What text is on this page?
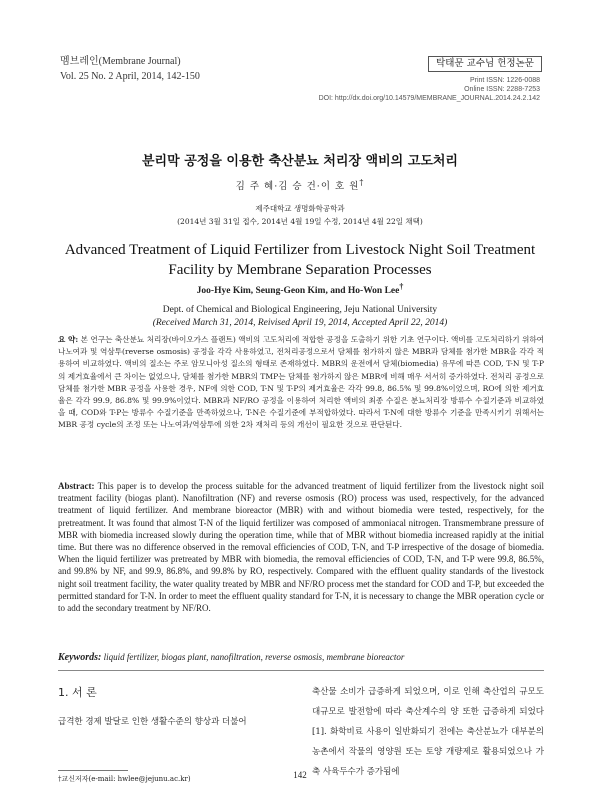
멤브레인(Membrane Journal)
Vol. 25 No. 2 April, 2014, 142-150
탁태문 교수님 헌정논문
Print ISSN: 1226-0088
Online ISSN: 2288-7253
DOI: http://dx.doi.org/10.14579/MEMBRANE_JOURNAL.2014.24.2.142
분리막 공정을 이용한 축산분뇨 처리장 액비의 고도처리
김 주 혜·김 승 건·이 호 원†
제주대학교 생명화학공학과
(2014년 3월 31일 접수, 2014년 4월 19일 수정, 2014년 4월 22일 채택)
Advanced Treatment of Liquid Fertilizer from Livestock Night Soil Treatment Facility by Membrane Separation Processes
Joo-Hye Kim, Seung-Geon Kim, and Ho-Won Lee†
Dept. of Chemical and Biological Engineering, Jeju National University
(Received March 31, 2014, Reivised April 19, 2014, Accepted April 22, 2014)
요 약: 본 연구는 축산분뇨 처리장(바이오가스 플랜트) 액비의 고도처리에 적합한 공정을 도출하기 위한 기초 연구이다. 액비를 고도처리하기 위하여 나노여과 및 역삼투(reverse osmosis) 공정을 각각 사용하였고, 전처리공정으로서 담체를 첨가하지 않은 MBR과 담체를 첨가한 MBR을 각각 적용하여 비교하였다. 액비의 질소는 주로 암모니아성 질소의 형태로 존재하였다. MBR의 운전에서 담체(biomedia) 유무에 따른 COD, T-N 및 T-P의 제거효율에서 큰 차이는 없었으나, 담체를 첨가한 MBR의 TMP는 담체를 첨가하지 않은 MBR에 비해 매우 서서히 증가하였다. 전처리 공정으로 담체를 첨가한 MBR 공정을 사용한 경우, NF에 의한 COD, T-N 및 T-P의 제거효율은 각각 99.8, 86.5% 및 99.8%이었으며, RO에 의한 제거효율은 각각 99.9, 86.8% 및 99.9%이었다. MBR과 NF/RO 공정을 이용하여 처리한 액비의 최종 수질은 분뇨처리장 방류수 수질기준과 비교하였을 때, COD와 T-P는 방류수 수질기준을 만족하였으나, T-N은 수질기준에 부적합하였다. 따라서 T-N에 대한 방류수 기준을 만족시키기 위해서는 MBR 공정 cycle의 조정 또는 나노여과/역삼투에 의한 2차 재처리 등의 개선이 필요한 것으로 판단된다.
Abstract: This paper is to develop the process suitable for the advanced treatment of liquid fertilizer from the livestock night soil treatment facility (biogas plant). Nanofiltration (NF) and reverse osmosis (RO) process was used, respectively, for the advanced treatment of liquid fertilizer. And membrane bioreactor (MBR) with and without biomedia were tested, respectively, for the pretreatment. It was found that almost T-N of the liquid fertilizer was composed of ammoniacal nitrogen. Transmembrane pressure of MBR with biomedia increased slowly during the operation time, while that of MBR without biomedia increased rapidly at the initial time. But there was no difference observed in the removal efficiencies of COD, T-N, and T-P irrespective of the dosage of biomedia. When the liquid fertilizer was pretreated by MBR with biomedia, the removal efficiencies of COD, T-N, and T-P were 99.8, 86.5%, and 99.8% by NF, and 99.9, 86.8%, and 99.8% by RO, respectively. Compared with the effluent quality standards of the livestock night soil treatment facility, the water quality treated by MBR and NF/RO process met the standard for COD and T-P, but exceeded the permitted standard for T-N. In order to meet the effluent quality standard for T-N, it is necessary to change the MBR operation cycle or to add the secondary treatment by NF/RO.
Keywords: liquid fertilizer, biogas plant, nanofiltration, reverse osmosis, membrane bioreactor
1. 서 론
급격한 경제 발달로 인한 생활수준의 향상과 더불어
축산물 소비가 급증하게 되었으며, 이로 인해 축산업의 규모도 대규모로 발전함에 따라 축산계수의 양 또한 급증하게 되었다[1]. 화학비료 사용이 일반화되기 전에는 축산분뇨가 대부분의 농촌에서 작물의 영양원 또는 토양 개량제로 활용되었으나 가축 사육두수가 증가됨에
†교신저자(e-mail: hwlee@jejunu.ac.kr)	142
